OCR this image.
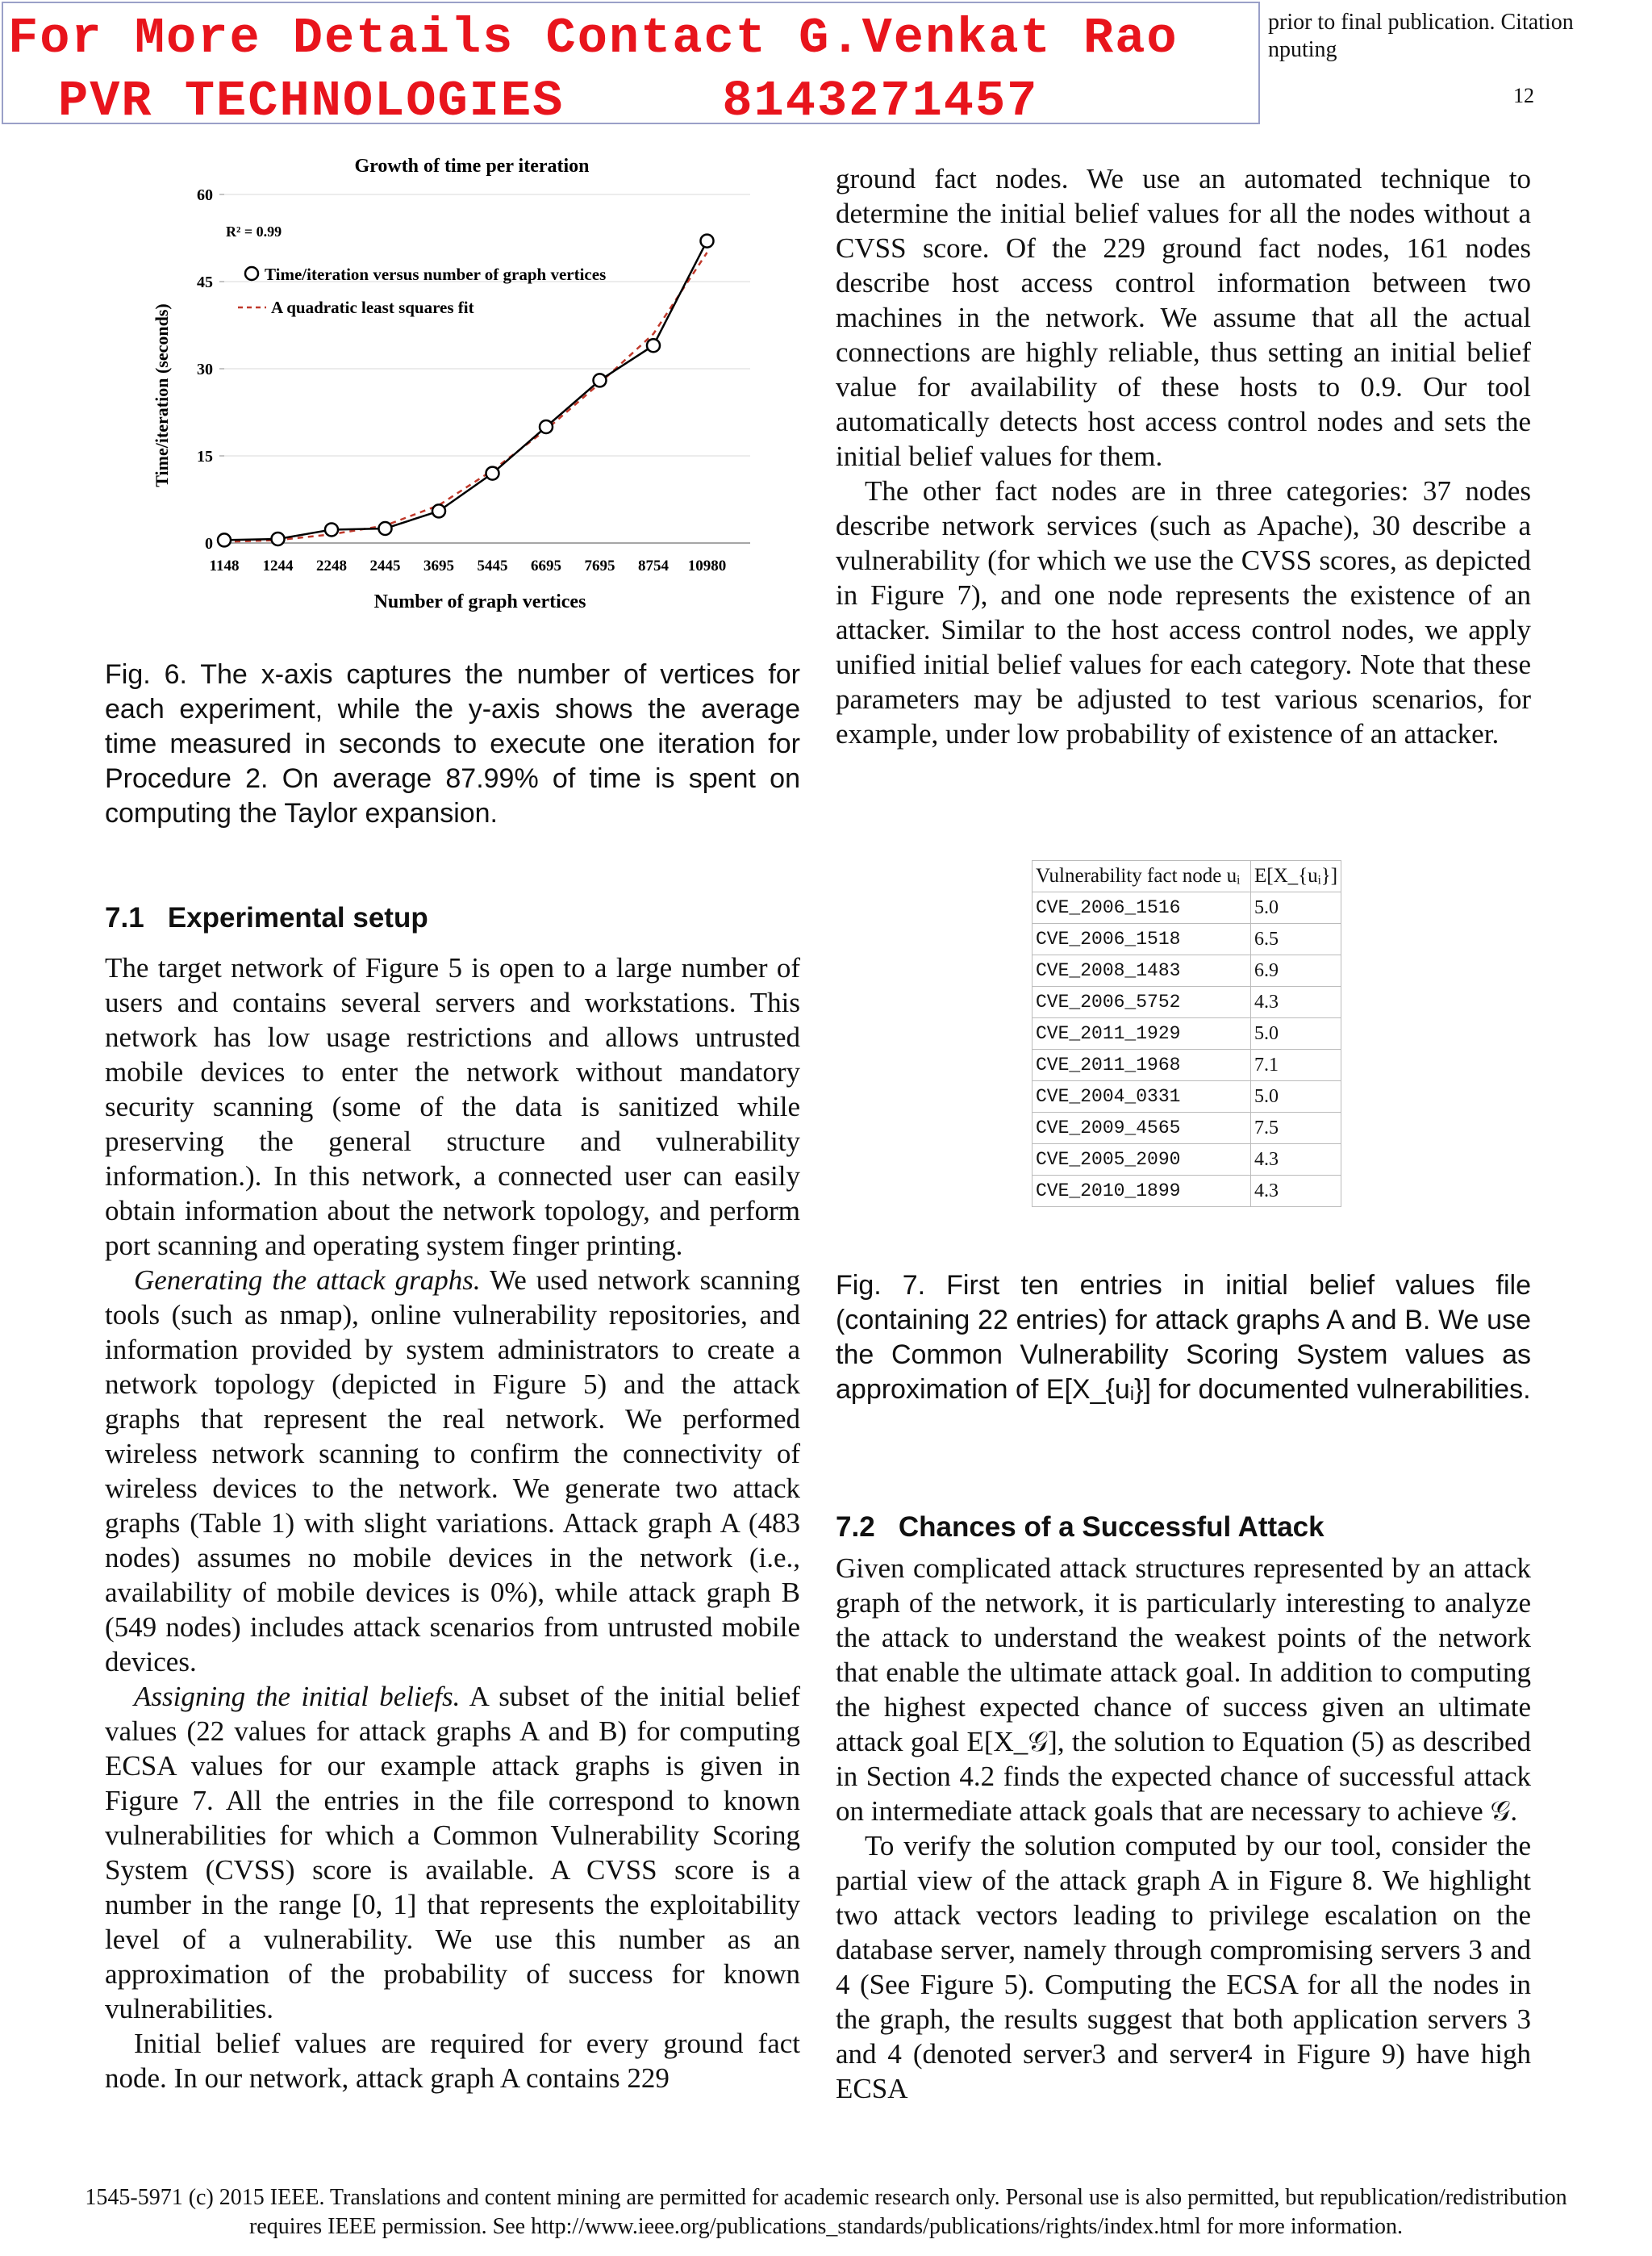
For More Details Contact G.Venkat Rao
PVR TECHNOLOGIES     8143271457
prior to final publication. Citation
nputing
12
Growth of time per iteration
0
15
30
45
60
1148 1244 2248 2445 3695 5445 6695 7695 8754 10980
Time/iteration (seconds)
Number of graph vertices
R² = 0.99
Time/iteration versus number of graph vertices
A quadratic least squares fit
Fig. 6. The x-axis captures the number of vertices for each experiment, while the y-axis shows the average time measured in seconds to execute one iteration for Procedure 2. On average 87.99% of time is spent on computing the Taylor expansion.
7.1   Experimental setup

The target network of Figure 5 is open to a large number of users and contains several servers and workstations. This network has low usage restrictions and allows untrusted mobile devices to enter the network without mandatory security scanning (some of the data is sanitized while preserving the general structure and vulnerability information.). In this network, a connected user can easily obtain information about the network topology, and perform port scanning and operating system finger printing.

Generating the attack graphs. We used network scanning tools (such as nmap), online vulnerability repositories, and information provided by system administrators to create a network topology (depicted in Figure 5) and the attack graphs that represent the real network. We performed wireless network scanning to confirm the connectivity of wireless devices to the network. We generate two attack graphs (Table 1) with slight variations. Attack graph A (483 nodes) assumes no mobile devices in the network (i.e., availability of mobile devices is 0%), while attack graph B (549 nodes) includes attack scenarios from untrusted mobile devices.

Assigning the initial beliefs. A subset of the initial belief values (22 values for attack graphs A and B) for computing ECSA values for our example attack graphs is given in Figure 7. All the entries in the file correspond to known vulnerabilities for which a Common Vulnerability Scoring System (CVSS) score is available. A CVSS score is a number in the range [0, 1] that represents the exploitability level of a vulnerability. We use this number as an approximation of the probability of success for known vulnerabilities.

Initial belief values are required for every ground fact node. In our network, attack graph A contains 229

ground fact nodes. We use an automated technique to determine the initial belief values for all the nodes without a CVSS score. Of the 229 ground fact nodes, 161 nodes describe host access control information between two machines in the network. We assume that all the actual connections are highly reliable, thus setting an initial belief value for availability of these hosts to 0.9. Our tool automatically detects host access control nodes and sets the initial belief values for them.

The other fact nodes are in three categories: 37 nodes describe network services (such as Apache), 30 describe a vulnerability (for which we use the CVSS scores, as depicted in Figure 7), and one node represents the existence of an attacker. Similar to the host access control nodes, we apply unified initial belief values for each category. Note that these parameters may be adjusted to test various scenarios, for example, under low probability of existence of an attacker.

Vulnerability fact node uᵢ	E[X_{uᵢ}]
CVE_2006_1516	5.0
CVE_2006_1518	6.5
CVE_2008_1483	6.9
CVE_2006_5752	4.3
CVE_2011_1929	5.0
CVE_2011_1968	7.1
CVE_2004_0331	5.0
CVE_2009_4565	7.5
CVE_2005_2090	4.3
CVE_2010_1899	4.3
Fig. 7. First ten entries in initial belief values file (containing 22 entries) for attack graphs A and B. We use the Common Vulnerability Scoring System values as approximation of E[X_{uᵢ}] for documented vulnerabilities.
7.2   Chances of a Successful Attack

Given complicated attack structures represented by an attack graph of the network, it is particularly interesting to analyze the attack to understand the weakest points of the network that enable the ultimate attack goal. In addition to computing the highest expected chance of success given an ultimate attack goal E[X_𝒢], the solution to Equation (5) as described in Section 4.2 finds the expected chance of successful attack on intermediate attack goals that are necessary to achieve 𝒢.

To verify the solution computed by our tool, consider the partial view of the attack graph A in Figure 8. We highlight two attack vectors leading to privilege escalation on the database server, namely through compromising servers 3 and 4 (See Figure 5). Computing the ECSA for all the nodes in the graph, the results suggest that both application servers 3 and 4 (denoted server3 and server4 in Figure 9) have high ECSA

1545-5971 (c) 2015 IEEE. Translations and content mining are permitted for academic research only. Personal use is also permitted, but republication/redistribution
requires IEEE permission. See http://www.ieee.org/publications_standards/publications/rights/index.html for more information.
